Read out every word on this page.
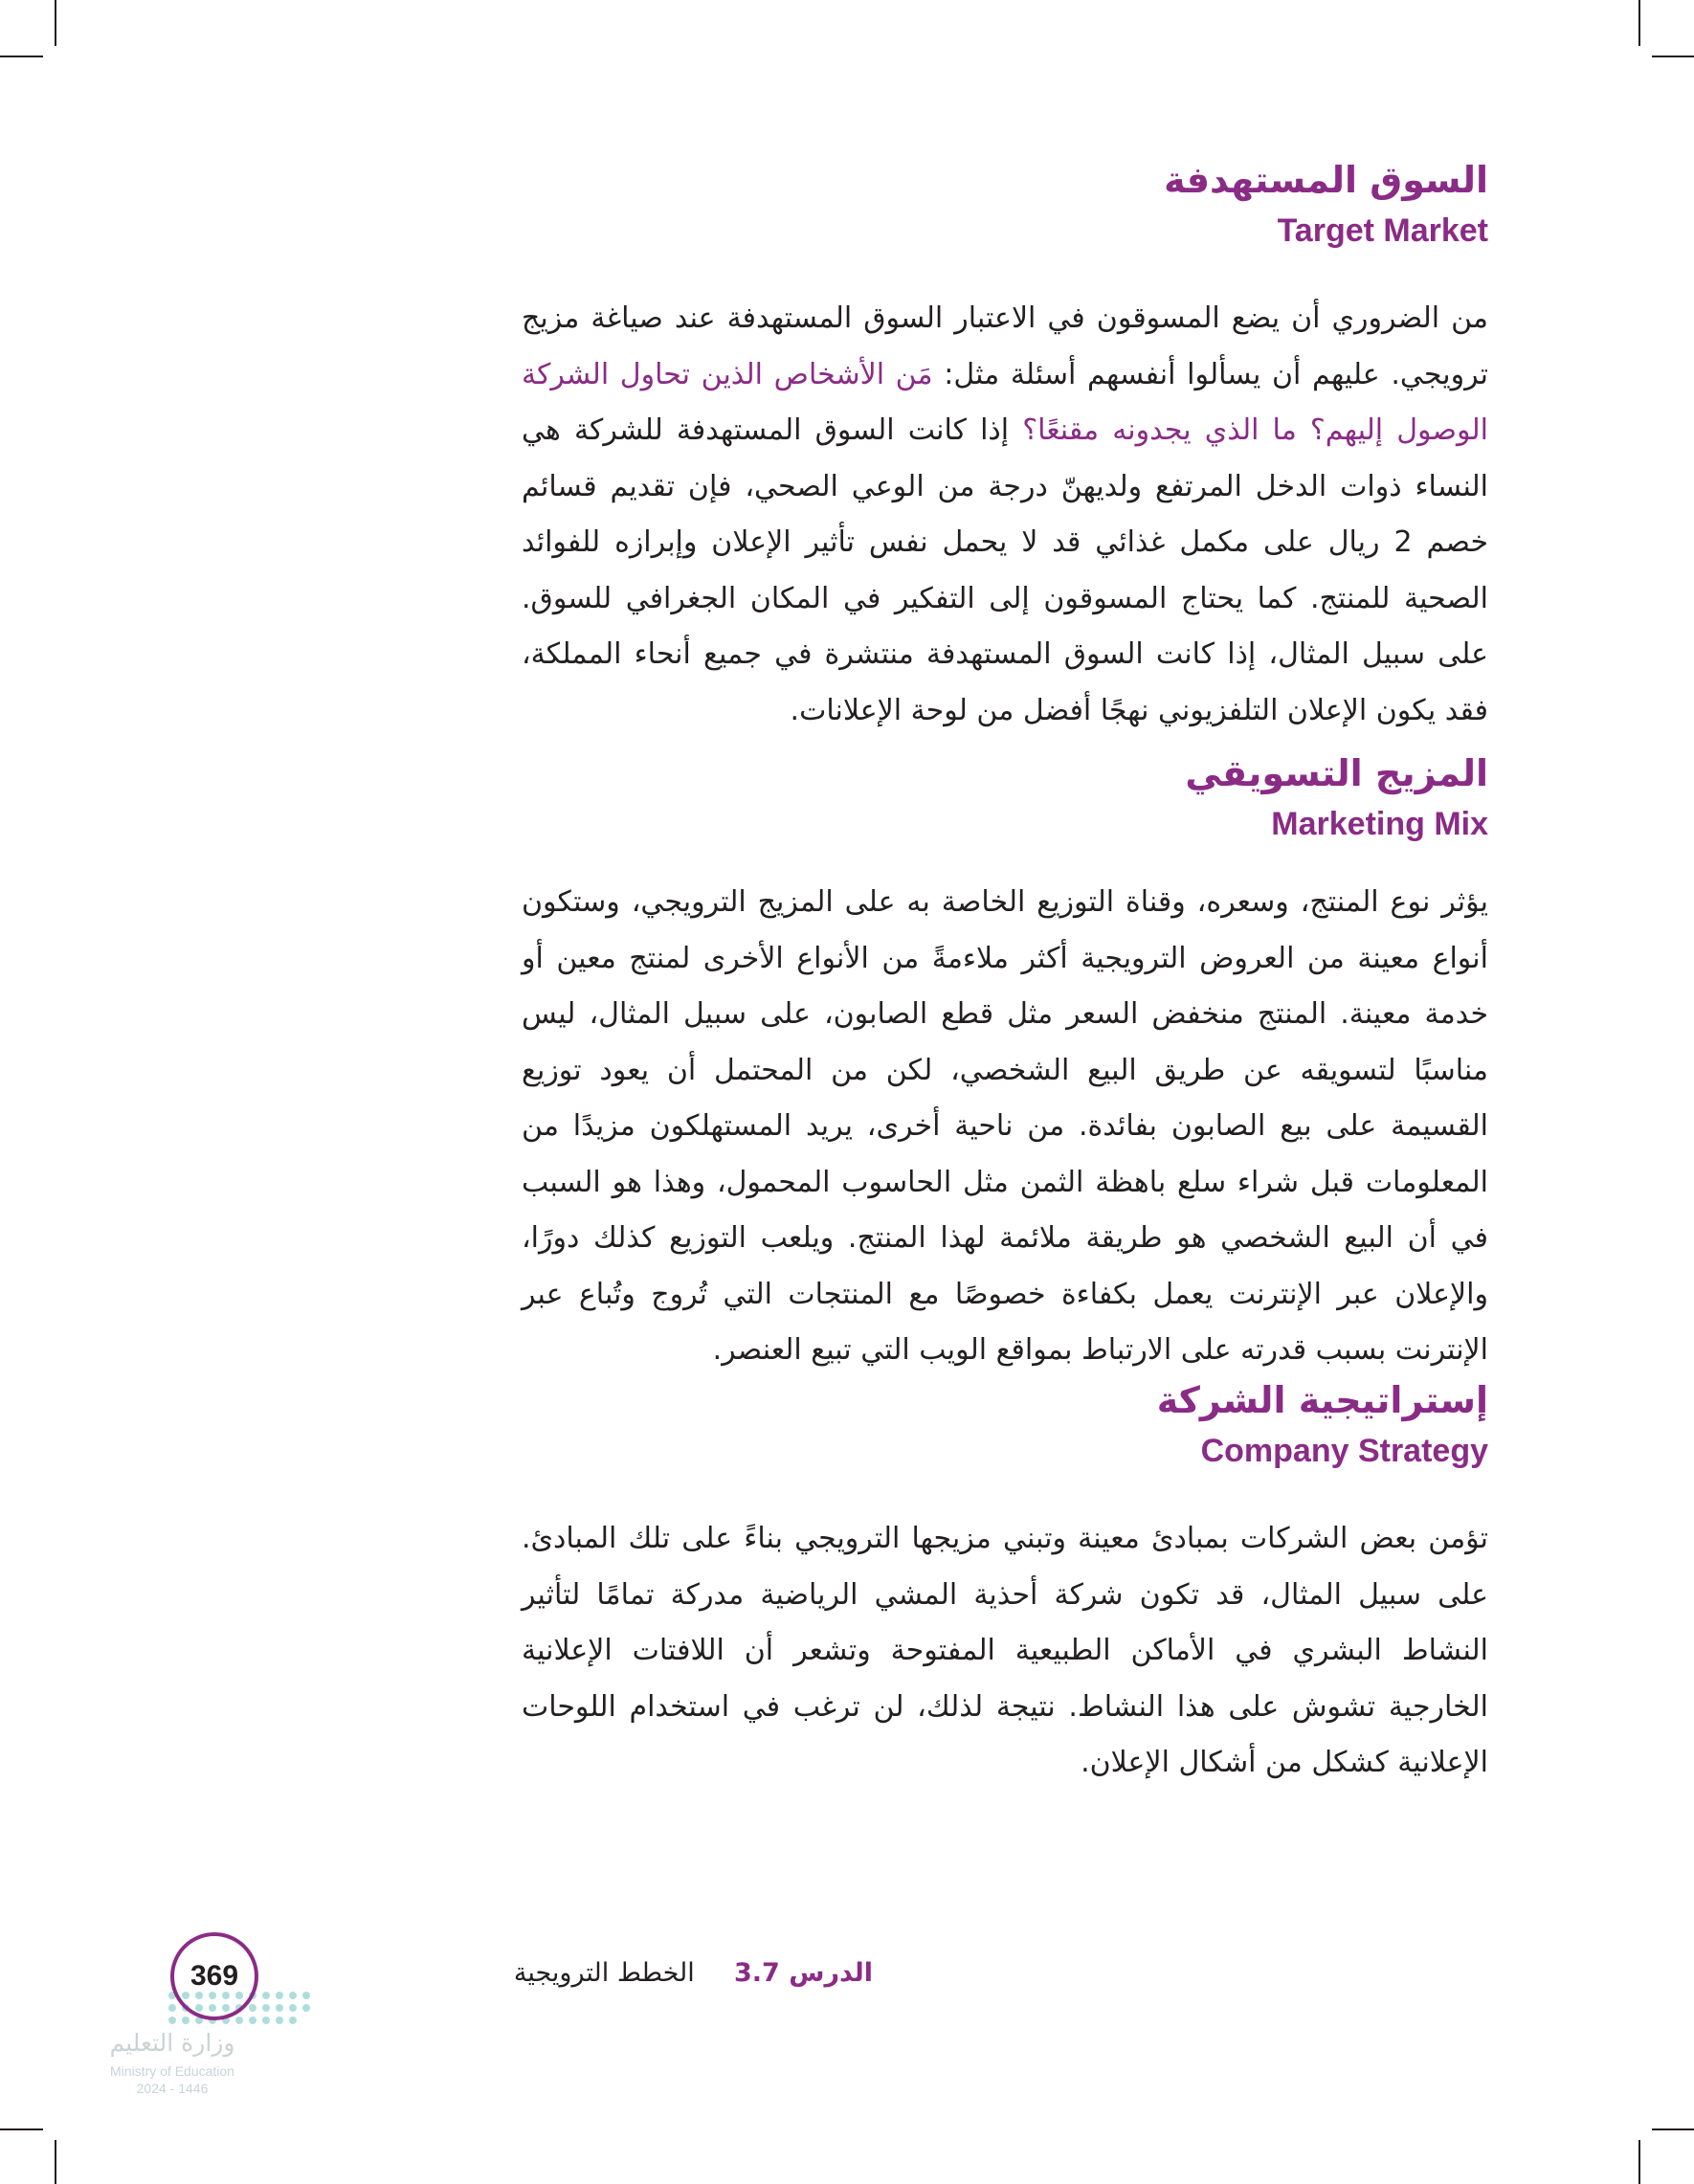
السوق المستهدفة
Target Market

من الضروري أن يضع المسوقون في الاعتبار السوق المستهدفة عند صياغة مزيج ترويجي. عليهم أن يسألوا أنفسهم أسئلة مثل: مَن الأشخاص الذين تحاول الشركة الوصول إليهم؟ ما الذي يجدونه مقنعًا؟ إذا كانت السوق المستهدفة للشركة هي النساء ذوات الدخل المرتفع ولديهنّ درجة من الوعي الصحي، فإن تقديم قسائم خصم 2 ريال على مكمل غذائي قد لا يحمل نفس تأثير الإعلان وإبرازه للفوائد الصحية للمنتج. كما يحتاج المسوقون إلى التفكير في المكان الجغرافي للسوق. على سبيل المثال، إذا كانت السوق المستهدفة منتشرة في جميع أنحاء المملكة، فقد يكون الإعلان التلفزيوني نهجًا أفضل من لوحة الإعلانات.

المزيج التسويقي
Marketing Mix

يؤثر نوع المنتج، وسعره، وقناة التوزيع الخاصة به على المزيج الترويجي، وستكون أنواع معينة من العروض الترويجية أكثر ملاءمةً من الأنواع الأخرى لمنتج معين أو خدمة معينة. المنتج منخفض السعر مثل قطع الصابون، على سبيل المثال، ليس مناسبًا لتسويقه عن طريق البيع الشخصي، لكن من المحتمل أن يعود توزيع القسيمة على بيع الصابون بفائدة. من ناحية أخرى، يريد المستهلكون مزيدًا من المعلومات قبل شراء سلع باهظة الثمن مثل الحاسوب المحمول، وهذا هو السبب في أن البيع الشخصي هو طريقة ملائمة لهذا المنتج. ويلعب التوزيع كذلك دورًا، والإعلان عبر الإنترنت يعمل بكفاءة خصوصًا مع المنتجات التي تُروج وتُباع عبر الإنترنت بسبب قدرته على الارتباط بمواقع الويب التي تبيع العنصر.

إستراتيجية الشركة
Company Strategy

تؤمن بعض الشركات بمبادئ معينة وتبني مزيجها الترويجي بناءً على تلك المبادئ. على سبيل المثال، قد تكون شركة أحذية المشي الرياضية مدركة تمامًا لتأثير النشاط البشري في الأماكن الطبيعية المفتوحة وتشعر أن اللافتات الإعلانية الخارجية تشوش على هذا النشاط. نتيجة لذلك، لن ترغب في استخدام اللوحات الإعلانية كشكل من أشكال الإعلان.

الدرس 3.7  الخطط الترويجية
وزارة التعليم
Ministry of Education
2024 - 1446
369
